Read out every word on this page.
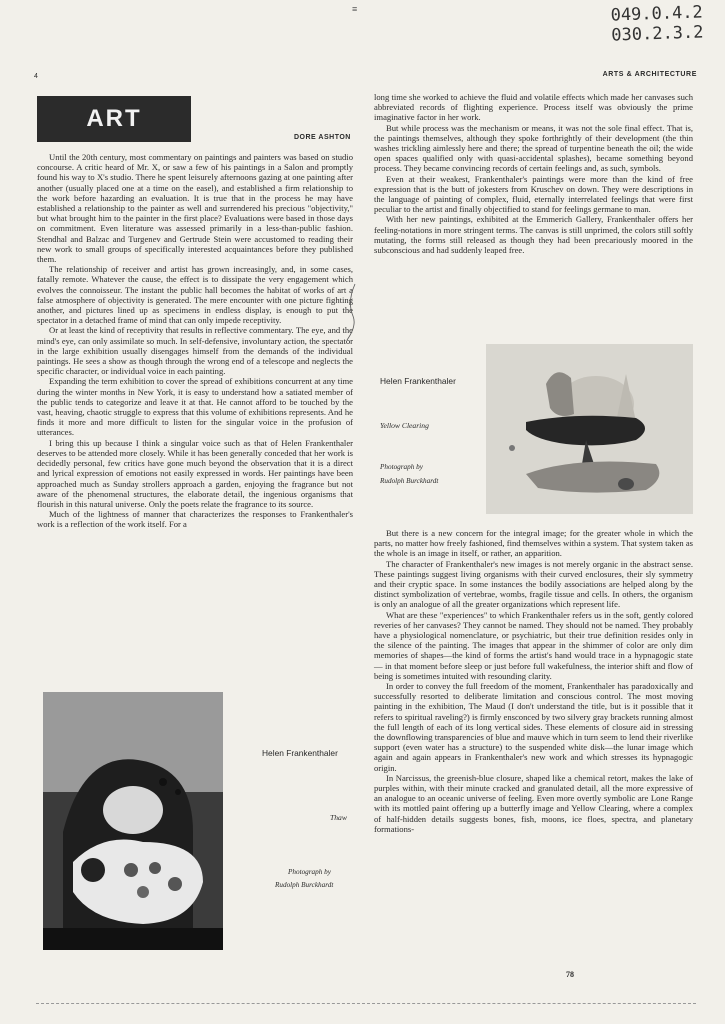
049.0.4.2
030.2.3.2
≡
4	ARTS & ARCHITECTURE
ART
DORE ASHTON

Until the 20th century, most commentary on paintings and painters was based on studio concourse. A critic heard of Mr. X, or saw a few of his paintings in a Salon and promptly found his way to X's studio. There he spent leisurely afternoons gazing at one painting after another (usually placed one at a time on the easel), and established a firm relationship to the work before hazarding an evaluation. It is true that in the process he may have established a relationship to the painter as well and surrendered his precious "objectivity," but what brought him to the painter in the first place? Evaluations were based in those days on commitment. Even literature was assessed primarily in a less-than-public fashion. Stendhal and Balzac and Turgenev and Gertrude Stein were accustomed to reading their new work to small groups of specifically interested acquaintances before they published them.

The relationship of receiver and artist has grown increasingly, and, in some cases, fatally remote. Whatever the cause, the effect is to dissipate the very engagement which evolves the connoisseur. The instant the public hall becomes the habitat of works of art a false atmosphere of objectivity is generated. The mere encounter with one picture fighting another, and pictures lined up as specimens in endless display, is enough to put the spectator in a detached frame of mind that can only impede receptivity.

Or at least the kind of receptivity that results in reflective commentary. The eye, and the mind's eye, can only assimilate so much. In self-defensive, involuntary action, the spectator in the large exhibition usually disengages himself from the demands of the individual paintings. He sees a show as though through the wrong end of a telescope and neglects the specific character, or individual voice in each painting.

Expanding the term exhibition to cover the spread of exhibitions concurrent at any time during the winter months in New York, it is easy to understand how a satiated member of the public tends to categorize and leave it at that. He cannot afford to be touched by the vast, heaving, chaotic struggle to express that this volume of exhibitions represents. And he finds it more and more difficult to listen for the singular voice in the profusion of utterances.

I bring this up because I think a singular voice such as that of Helen Frankenthaler deserves to be attended more closely. While it has been generally conceded that her work is decidedly personal, few critics have gone much beyond the observation that it is a direct and lyrical expression of emotions not easily expressed in words. Her paintings have been approached much as Sunday strollers approach a garden, enjoying the fragrance but not aware of the phenomenal structures, the elaborate detail, the ingenious organisms that flourish in this natural universe. Only the poets relate the fragrance to its source.

Much of the lightness of manner that characterizes the responses to Frankenthaler's work is a reflection of the work itself. For a

long time she worked to achieve the fluid and volatile effects which made her canvases such abbreviated records of flighting experience. Process itself was obviously the prime imaginative factor in her work.

But while process was the mechanism or means, it was not the sole final effect. That is, the paintings themselves, although they spoke forthrightly of their development (the thin washes trickling aimlessly here and there; the spread of turpentine beneath the oil; the wide open spaces qualified only with quasi-accidental splashes), became something beyond process. They became convincing records of certain feelings and, as such, symbols.

Even at their weakest, Frankenthaler's paintings were more than the kind of free expression that is the butt of jokesters from Kruschev on down. They were descriptions in the language of painting of complex, fluid, eternally interrelated feelings that were first peculiar to the artist and finally objectified to stand for feelings germane to man.

With her new paintings, exhibited at the Emmerich Gallery, Frankenthaler offers her feeling-notations in more stringent terms. The canvas is still unprimed, the colors still softly mutating, the forms still released as though they had been precariously moored in the subconscious and had suddenly leaped free.

Helen Frankenthaler
Yellow Clearing
Photograph by
Rudolph Burckhardt

But there is a new concern for the integral image; for the greater whole in which the parts, no matter how freely fashioned, find themselves within a system. That system taken as the whole is an image in itself, or rather, an apparition.

The character of Frankenthaler's new images is not merely organic in the abstract sense. These paintings suggest living organisms with their curved enclosures, their sly symmetry and their cryptic space. In some instances the bodily associations are helped along by the distinct symbolization of vertebrae, wombs, fragile tissue and cells. In others, the organism is only an analogue of all the greater organizations which represent life.

What are these "experiences" to which Frankenthaler refers us in the soft, gently colored reveries of her canvases? They cannot be named. They should not be named. They probably have a physiological nomenclature, or psychiatric, but their true definition resides only in the silence of the painting. The images that appear in the shimmer of color are only dim memories of shapes—the kind of forms the artist's hand would trace in a hypnagogic state — in that moment before sleep or just before full wakefulness, the interior shift and flow of being is sometimes intuited with resounding clarity.

In order to convey the full freedom of the moment, Frankenthaler has paradoxically and successfully resorted to deliberate limitation and conscious control. The most moving painting in the exhibition, The Maud (I don't understand the title, but is it possible that it refers to spiritual raveling?) is firmly ensconced by two silvery gray brackets running almost the full length of each of its long vertical sides. These elements of closure aid in stressing the downflowing transparencies of blue and mauve which in turn seem to lend their riverlike support (even water has a structure) to the suspended white disk—the lunar image which again and again appears in Frankenthaler's new work and which stresses its hypnagogic origin.

In Narcissus, the greenish-blue closure, shaped like a chemical retort, makes the lake of purples within, with their minute cracked and granulated detail, all the more expressive of an analogue to an oceanic universe of feeling. Even more overtly symbolic are Lone Range with its mottled paint offering up a butterfly image and Yellow Clearing, where a complex of half-hidden details suggests bones, fish, moons, ice floes, spectra, and planetary formations-

Helen Frankenthaler
Thaw
Photograph by
Rudolph Burckhardt
78
